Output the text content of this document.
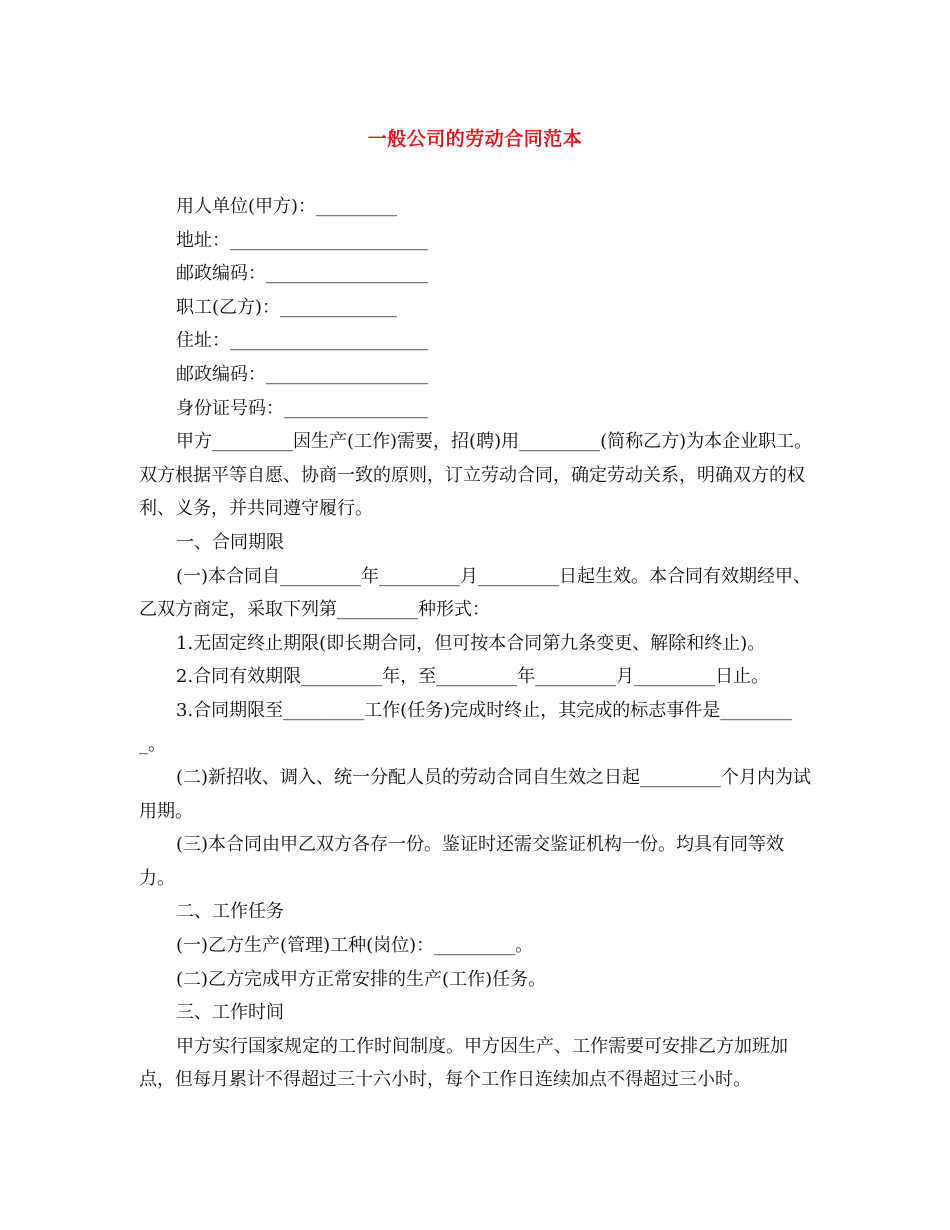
一般公司的劳动合同范本

用人单位(甲方)：_________

地址：______________________

邮政编码：__________________

职工(乙方)：_____________

住址：______________________

邮政编码：__________________

身份证号码：________________

甲方_________因生产(工作)需要，招(聘)用_________(简称乙方)为本企业职工。双方根据平等自愿、协商一致的原则，订立劳动合同，确定劳动关系，明确双方的权利、义务，并共同遵守履行。

一、合同期限

(一)本合同自_________年_________月_________日起生效。本合同有效期经甲、乙双方商定，采取下列第_________种形式：

1.无固定终止期限(即长期合同，但可按本合同第九条变更、解除和终止)。

2.合同有效期限_________年，至_________年_________月_________日止。

3.合同期限至_________工作(任务)完成时终止，其完成的标志事件是_________。

(二)新招收、调入、统一分配人员的劳动合同自生效之日起_________个月内为试用期。

(三)本合同由甲乙双方各存一份。鉴证时还需交鉴证机构一份。均具有同等效力。

二、工作任务

(一)乙方生产(管理)工种(岗位)：_________。

(二)乙方完成甲方正常安排的生产(工作)任务。

三、工作时间

甲方实行国家规定的工作时间制度。甲方因生产、工作需要可安排乙方加班加点，但每月累计不得超过三十六小时，每个工作日连续加点不得超过三小时。
